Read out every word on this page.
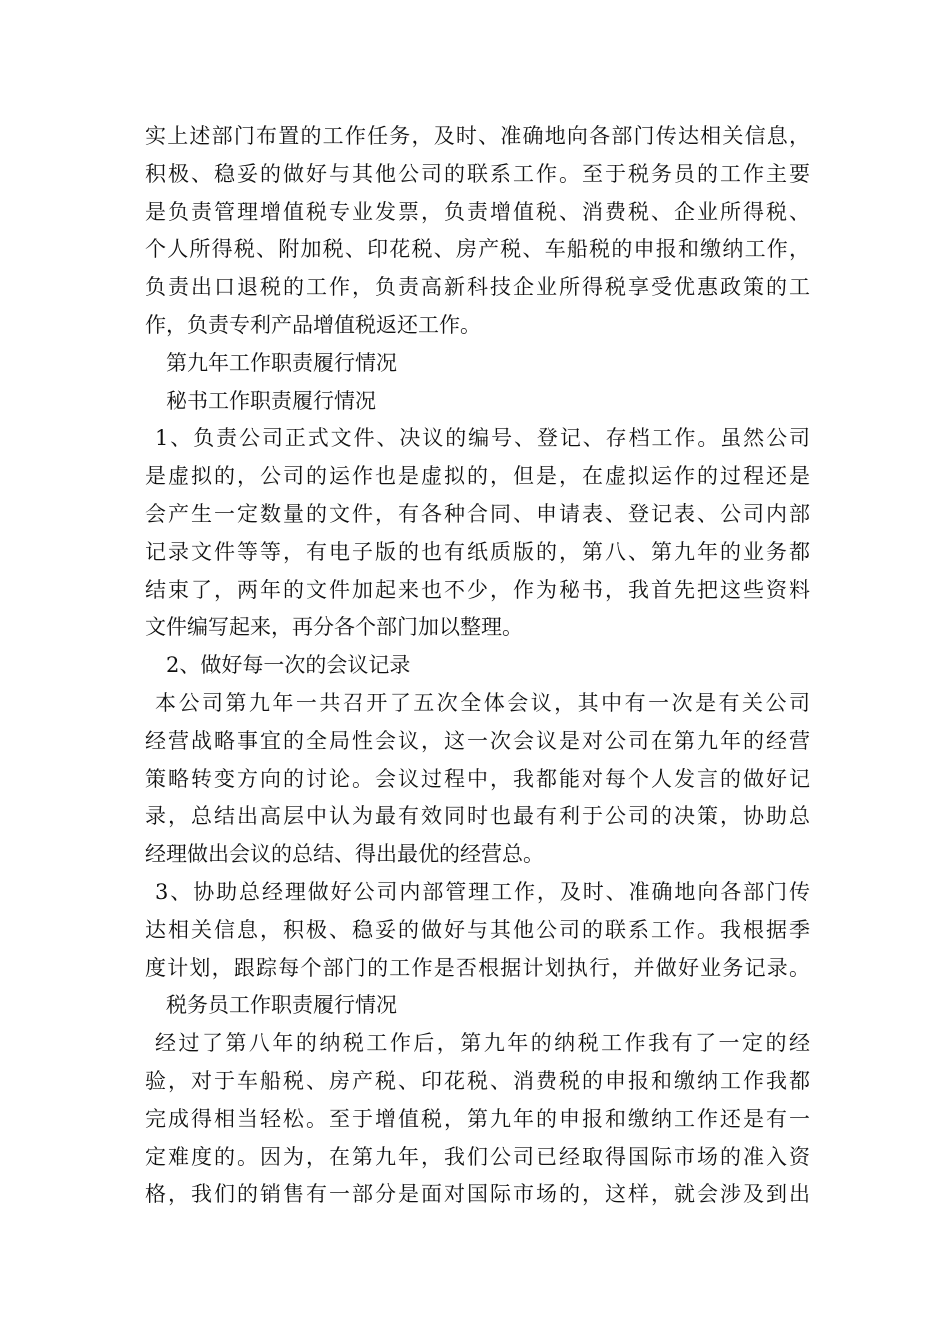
实上述部门布置的工作任务，及时、准确地向各部门传达相关信息，
积极、稳妥的做好与其他公司的联系工作。至于税务员的工作主要
是负责管理增值税专业发票，负责增值税、消费税、企业所得税、
个人所得税、附加税、印花税、房产税、车船税的申报和缴纳工作，
负责出口退税的工作，负责高新科技企业所得税享受优惠政策的工
作，负责专利产品增值税返还工作。
第九年工作职责履行情况
秘书工作职责履行情况
1、负责公司正式文件、决议的编号、登记、存档工作。虽然公司
是虚拟的，公司的运作也是虚拟的，但是，在虚拟运作的过程还是
会产生一定数量的文件，有各种合同、申请表、登记表、公司内部
记录文件等等，有电子版的也有纸质版的，第八、第九年的业务都
结束了，两年的文件加起来也不少，作为秘书，我首先把这些资料
文件编写起来，再分各个部门加以整理。
2、做好每一次的会议记录
本公司第九年一共召开了五次全体会议，其中有一次是有关公司
经营战略事宜的全局性会议，这一次会议是对公司在第九年的经营
策略转变方向的讨论。会议过程中，我都能对每个人发言的做好记
录，总结出高层中认为最有效同时也最有利于公司的决策，协助总
经理做出会议的总结、得出最优的经营总。
3、协助总经理做好公司内部管理工作，及时、准确地向各部门传
达相关信息，积极、稳妥的做好与其他公司的联系工作。我根据季
度计划，跟踪每个部门的工作是否根据计划执行，并做好业务记录。
税务员工作职责履行情况
经过了第八年的纳税工作后，第九年的纳税工作我有了一定的经
验，对于车船税、房产税、印花税、消费税的申报和缴纳工作我都
完成得相当轻松。至于增值税，第九年的申报和缴纳工作还是有一
定难度的。因为，在第九年，我们公司已经取得国际市场的准入资
格，我们的销售有一部分是面对国际市场的，这样，就会涉及到出
